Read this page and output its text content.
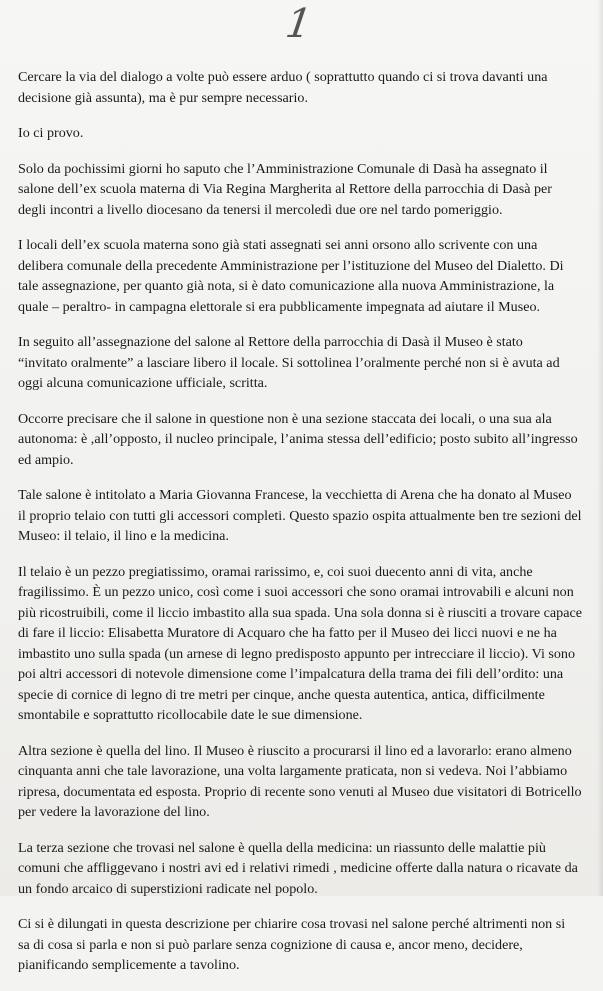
1

Cercare la via del dialogo a volte può essere arduo ( soprattutto quando ci si trova davanti una
decisione già assunta), ma è pur sempre necessario.

Io ci provo.

Solo da pochissimi giorni ho saputo che l’Amministrazione Comunale di Dasà ha assegnato il
salone dell’ex scuola materna di Via Regina Margherita al Rettore della parrocchia di Dasà per
degli incontri a livello diocesano da tenersi il mercoledì due ore nel tardo pomeriggio.

I locali dell’ex scuola materna sono già stati assegnati sei anni orsono allo scrivente con una
delibera comunale della precedente Amministrazione per l’istituzione del Museo del Dialetto. Di
tale assegnazione, per quanto già nota, si è dato comunicazione alla nuova Amministrazione, la
quale – peraltro- in campagna elettorale si era pubblicamente impegnata ad aiutare il Museo.

In seguito all’assegnazione del salone al Rettore della parrocchia di Dasà il Museo è stato
“invitato oralmente” a lasciare libero il locale. Si sottolinea l’oralmente perché non si è avuta ad
oggi alcuna comunicazione ufficiale, scritta.

Occorre precisare che il salone in questione non è una sezione staccata dei locali, o una sua ala
autonoma: è ,all’opposto, il nucleo principale, l’anima stessa dell’edificio; posto subito all’ingresso
ed ampio.

Tale salone è intitolato a Maria Giovanna Francese, la vecchietta di Arena che ha donato al Museo
il proprio telaio con tutti gli accessori completi. Questo spazio ospita attualmente ben tre sezioni del
Museo: il telaio, il lino e la medicina.

Il telaio è un pezzo pregiatissimo, oramai rarissimo, e, coi suoi duecento anni di vita, anche
fragilissimo. È un pezzo unico, così come i suoi accessori che sono oramai introvabili e alcuni non
più ricostruibili, come il liccio imbastito alla sua spada. Una sola donna si è riusciti a trovare capace
di fare il liccio: Elisabetta Muratore di Acquaro che ha fatto per il Museo dei licci nuovi e ne ha
imbastito uno sulla spada (un arnese di legno predisposto appunto per intrecciare il liccio). Vi sono
poi altri accessori di notevole dimensione come l’impalcatura della trama dei fili dell’ordito: una
specie di cornice di legno di tre metri per cinque, anche questa autentica, antica, difficilmente
smontabile e soprattutto ricollocabile date le sue dimensione.

Altra sezione è quella del lino. Il Museo è riuscito a procurarsi il lino ed a lavorarlo: erano almeno
cinquanta anni che tale lavorazione, una volta largamente praticata, non si vedeva. Noi l’abbiamo
ripresa, documentata ed esposta. Proprio di recente sono venuti al Museo due visitatori di Botricello
per vedere la lavorazione del lino.

La terza sezione che trovasi nel salone è quella della medicina: un riassunto delle malattie più
comuni che affliggevano i nostri avi ed i relativi rimedi , medicine offerte dalla natura o ricavate da
un fondo arcaico di superstizioni radicate nel popolo.

Ci si è dilungati in questa descrizione per chiarire cosa trovasi nel salone perché altrimenti non si
sa di cosa si parla e non si può parlare senza cognizione di causa e, ancor meno, decidere,
pianificando semplicemente a tavolino.
